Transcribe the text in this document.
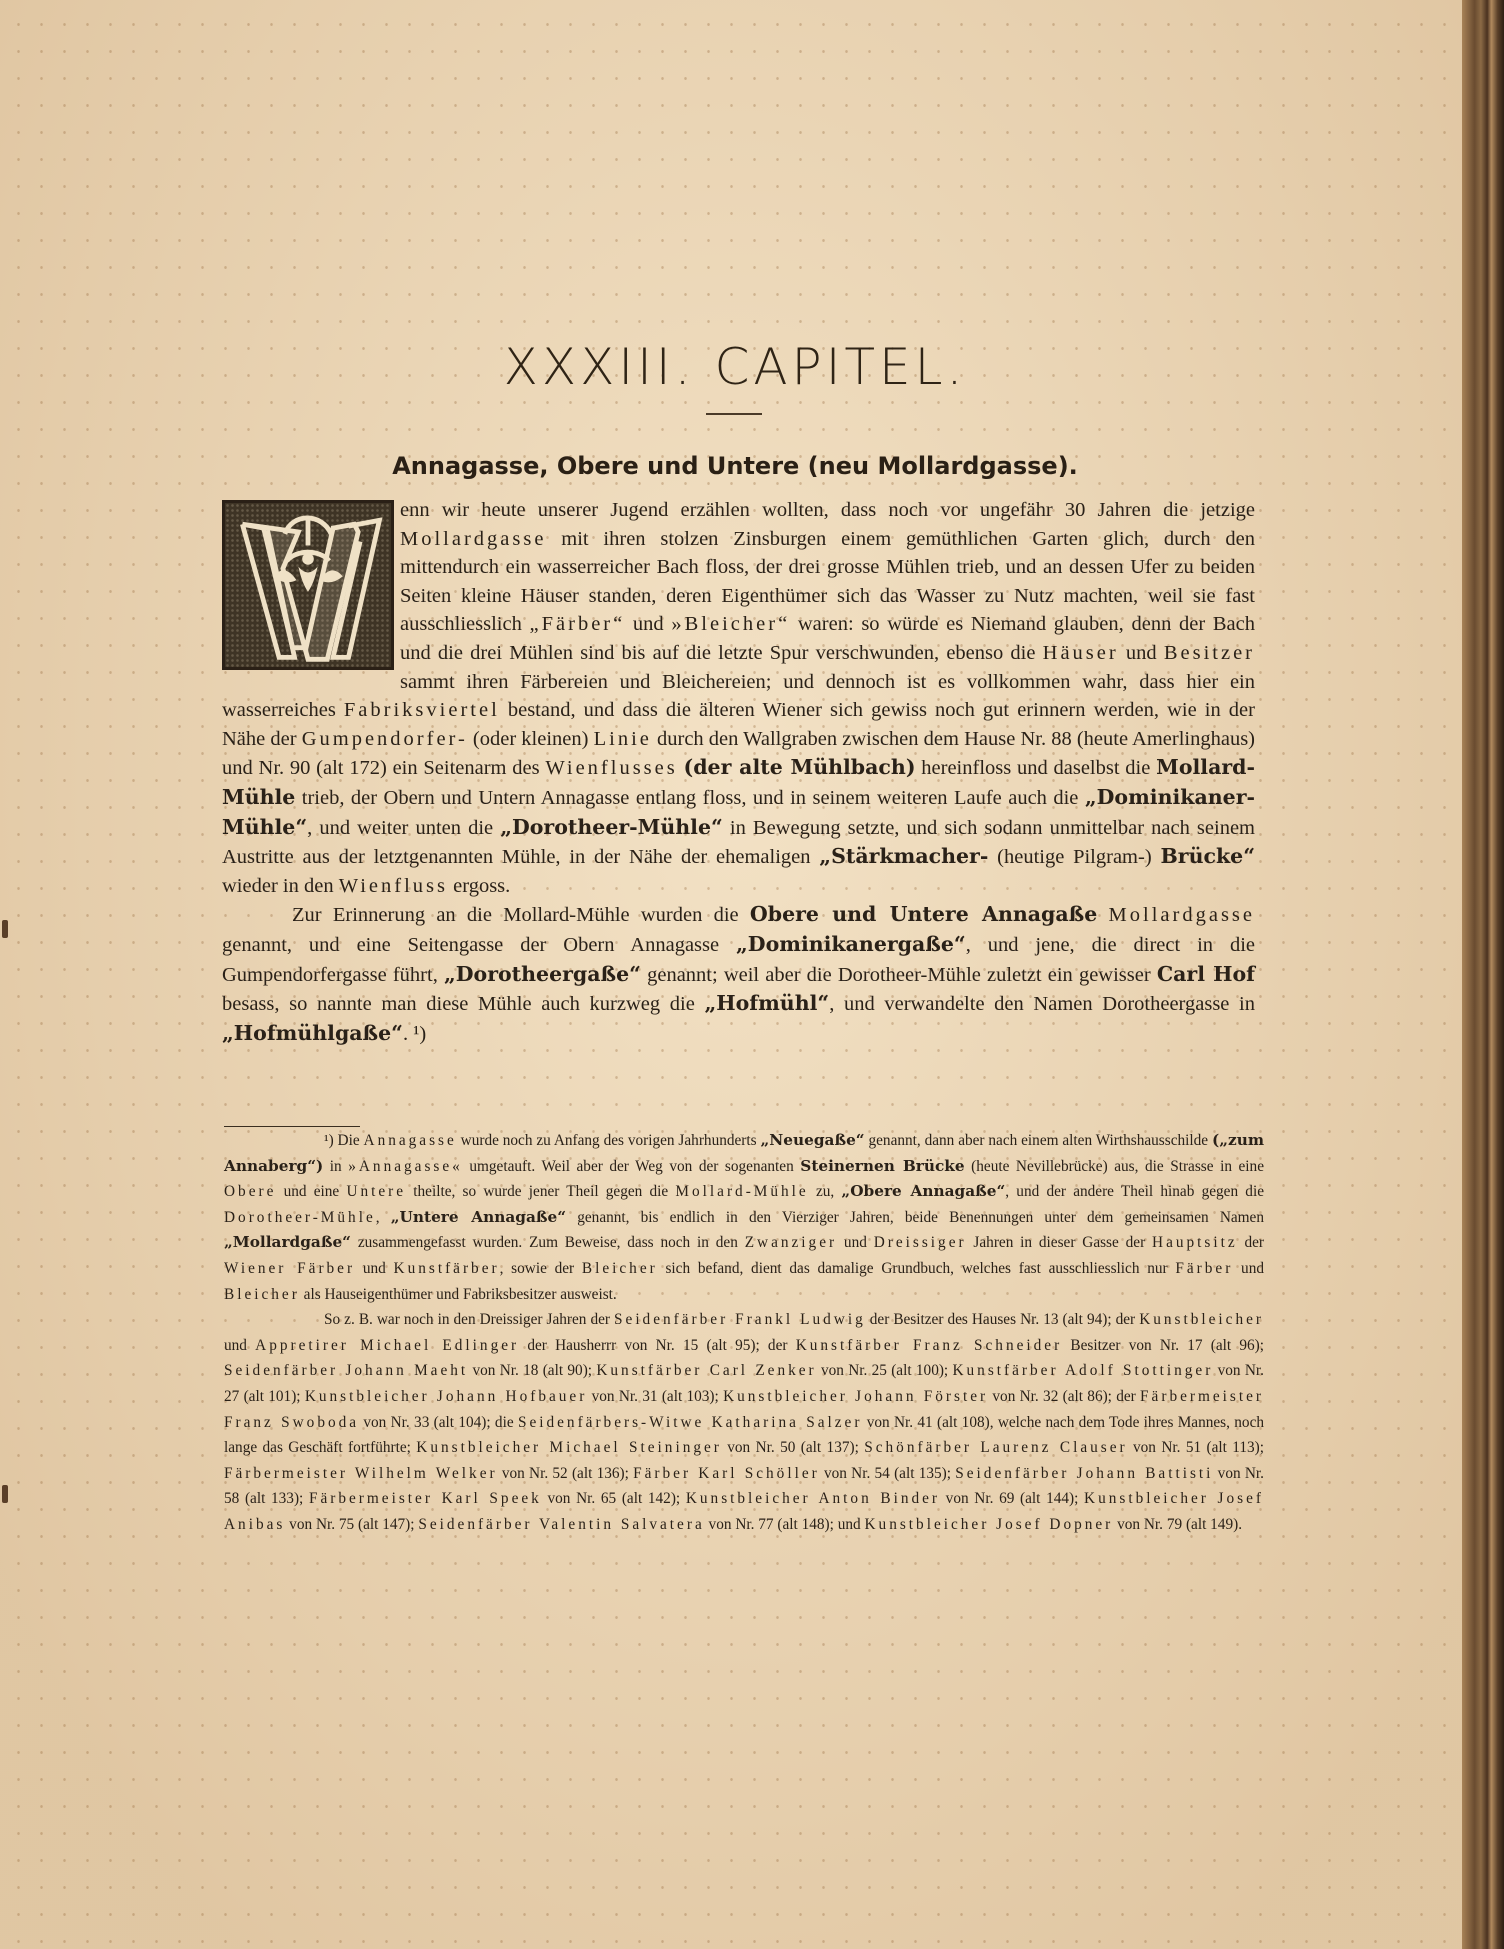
XXXIII. CAPITEL.
Annagasse, Obere und Untere (neu Mollardgasse).

enn wir heute unserer Jugend erzählen wollten, dass noch vor ungefähr 30 Jahren die jetzige Mollardgasse mit ihren stolzen Zinsburgen einem gemüthlichen Garten glich, durch den mittendurch ein wasserreicher Bach floss, der drei grosse Mühlen trieb, und an dessen Ufer zu beiden Seiten kleine Häuser standen, deren Eigenthümer sich das Wasser zu Nutz machten, weil sie fast ausschliesslich „Färber“ und »Bleicher“ waren: so würde es Niemand glauben, denn der Bach und die drei Mühlen sind bis auf die letzte Spur verschwunden, ebenso die Häuser und Besitzer sammt ihren Färbereien und Bleichereien; und dennoch ist es vollkommen wahr, dass hier ein wasserreiches Fabriksviertel bestand, und dass die älteren Wiener sich gewiss noch gut erinnern werden, wie in der Nähe der Gumpendorfer- (oder kleinen) Linie durch den Wallgraben zwischen dem Hause Nr. 88 (heute Amerlinghaus) und Nr. 90 (alt 172) ein Seitenarm des Wienflusses (der alte Mühlbach) hereinfloss und daselbst die Mollard-Mühle trieb, der Obern und Untern Annagasse entlang floss, und in seinem weiteren Laufe auch die „Dominikaner-Mühle“, und weiter unten die „Dorotheer-Mühle“ in Bewegung setzte, und sich sodann unmittelbar nach seinem Austritte aus der letztgenannten Mühle, in der Nähe der ehemaligen „Stärkmacher- (heutige Pilgram-) Brücke“ wieder in den Wienfluss ergoss.

Zur Erinnerung an die Mollard-Mühle wurden die Obere und Untere Annagaße Mollardgasse genannt, und eine Seitengasse der Obern Annagasse „Dominikanergaße“, und jene, die direct in die Gumpendorfergasse führt, „Dorotheergaße“ genannt; weil aber die Dorotheer-Mühle zuletzt ein gewisser Carl Hof besass, so nannte man diese Mühle auch kurzweg die „Hofmühl“, und verwandelte den Namen Dorotheergasse in „Hofmühlgaße“. ¹)

¹) Die Annagasse wurde noch zu Anfang des vorigen Jahrhunderts „Neuegaße“ genannt, dann aber nach einem alten Wirthshausschilde („zum Annaberg“) in »Annagasse« umgetauft. Weil aber der Weg von der sogenanten Steinernen Brücke (heute Nevillebrücke) aus, die Strasse in eine Obere und eine Untere theilte, so wurde jener Theil gegen die Mollard-Mühle zu, „Obere Annagaße“, und der andere Theil hinab gegen die Dorotheer-Mühle, „Untere Annagaße“ genannt, bis endlich in den Vierziger Jahren, beide Benennungen unter dem gemeinsamen Namen „Mollardgaße“ zusammengefasst wurden. Zum Beweise, dass noch in den Zwanziger und Dreissiger Jahren in dieser Gasse der Hauptsitz der Wiener Färber und Kunstfärber, sowie der Bleicher sich befand, dient das damalige Grundbuch, welches fast ausschliesslich nur Färber und Bleicher als Hauseigenthümer und Fabriksbesitzer ausweist.

So z. B. war noch in den Dreissiger Jahren der Seidenfärber Frankl Ludwig der Besitzer des Hauses Nr. 13 (alt 94); der Kunstbleicher und Appretirer Michael Edlinger der Hausherrr von Nr. 15 (alt 95); der Kunstfärber Franz Schneider Besitzer von Nr. 17 (alt 96); Seidenfärber Johann Maeht von Nr. 18 (alt 90); Kunstfärber Carl Zenker von Nr. 25 (alt 100); Kunstfärber Adolf Stottinger von Nr. 27 (alt 101); Kunstbleicher Johann Hofbauer von Nr. 31 (alt 103); Kunstbleicher Johann Förster von Nr. 32 (alt 86); der Färbermeister Franz Swoboda von Nr. 33 (alt 104); die Seidenfärbers-Witwe Katharina Salzer von Nr. 41 (alt 108), welche nach dem Tode ihres Mannes, noch lange das Geschäft fortführte; Kunstbleicher Michael Steininger von Nr. 50 (alt 137); Schönfärber Laurenz Clauser von Nr. 51 (alt 113); Färbermeister Wilhelm Welker von Nr. 52 (alt 136); Färber Karl Schöller von Nr. 54 (alt 135); Seidenfärber Johann Battisti von Nr. 58 (alt 133); Färbermeister Karl Speek von Nr. 65 (alt 142); Kunstbleicher Anton Binder von Nr. 69 (alt 144); Kunstbleicher Josef Anibas von Nr. 75 (alt 147); Seidenfärber Valentin Salvatera von Nr. 77 (alt 148); und Kunstbleicher Josef Dopner von Nr. 79 (alt 149).
